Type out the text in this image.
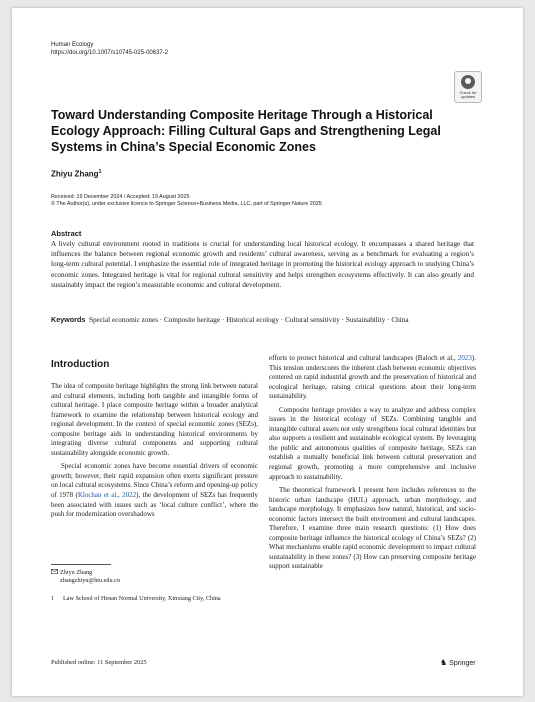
Human Ecology
https://doi.org/10.1007/s10745-025-00637-2
Check for updates
Toward Understanding Composite Heritage Through a Historical Ecology Approach: Filling Cultural Gaps and Strengthening Legal Systems in China’s Special Economic Zones
Zhiyu Zhang$^1$
Received: 19 December 2024 / Accepted: 19 August 2025
© The Author(s), under exclusive licence to Springer Science+Business Media, LLC, part of Springer Nature 2025
Abstract

A lively cultural environment rooted in traditions is crucial for understanding local historical ecology. It encompasses a shared heritage that influences the balance between regional economic growth and residents’ cultural awareness, serving as a benchmark for evaluating a region’s long-term cultural potential. I emphasize the essential role of integrated heritage in promoting the historical ecology approach to studying China’s economic zones. Integrated heritage is vital for regional cultural sensitivity and helps strengthen ecosystems effectively. It can also greatly and sustainably impact the region’s measurable economic and cultural development.

Keywords Special economic zones · Composite heritage · Historical ecology · Cultural sensitivity · Sustainability · China

Introduction

The idea of composite heritage highlights the strong link between natural and cultural elements, including both tangible and intangible forms of cultural heritage. I place composite heritage within a broader analytical framework to examine the relationship between historical ecology and regional development. In the context of special economic zones (SEZs), composite heritage aids in understanding historical environments by integrating diverse cultural components and supporting cultural sustainability alongside economic growth.

Special economic zones have become essential drivers of economic growth; however, their rapid expansion often exerts significant pressure on local cultural ecosystems. Since China’s reform and opening-up policy of 1978 (Klochan et al., 2022), the development of SEZs has frequently been associated with issues such as ‘local culture conflict’, where the push for modernization overshadows

efforts to protect historical and cultural landscapes (Baloch et al., 2023). This tension underscores the inherent clash between economic objectives centered on rapid industrial growth and the preservation of historical and ecological heritage, raising critical questions about their long-term sustainability.

Composite heritage provides a way to analyze and address complex issues in the historical ecology of SEZs. Combining tangible and intangible cultural assets not only strengthens local cultural identities but also supports a resilient and sustainable ecological system. By leveraging the public and autonomous qualities of composite heritage, SEZs can establish a mutually beneficial link between cultural preservation and regional growth, promoting a more comprehensive and inclusive approach to sustainability.

The theoretical framework I present here includes references to the historic urban landscape (HUL) approach, urban morphology, and landscape morphology. It emphasizes how natural, historical, and socio-economic factors intersect the built environment and cultural landscapes. Therefore, I examine three main research questions: (1) How does composite heritage influence the historical ecology of China’s SEZs? (2) What mechanisms enable rapid economic development to impact cultural sustainability in these zones? (3) How can preserving composite heritage support sustainable

Zhiyu Zhang
zhangzhiyu@htu.edu.cn
1 Law School of Henan Normal University, Xinxiang City, China
Published online: 11 September 2025	♞ Springer
